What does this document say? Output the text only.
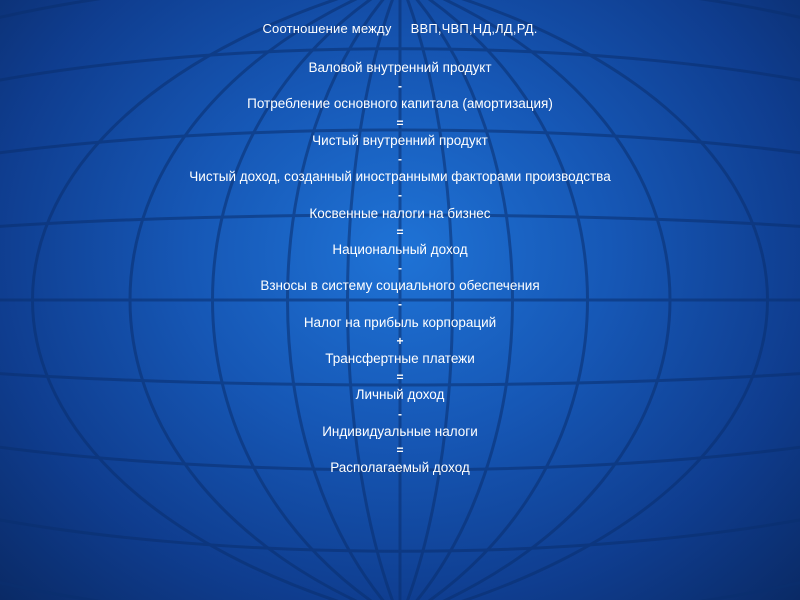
Соотношение между     ВВП,ЧВП,НД,ЛД,РД.
Валовой внутренний продукт
-
Потребление основного капитала (амортизация)
=
Чистый внутренний продукт
-
Чистый доход, созданный иностранными факторами производства
-
Косвенные налоги на бизнес
=
Национальный доход
-
Взносы в систему социального обеспечения
-
Налог на прибыль корпораций
+
Трансфертные платежи
=
Личный доход
-
Индивидуальные налоги
=
Располагаемый доход
